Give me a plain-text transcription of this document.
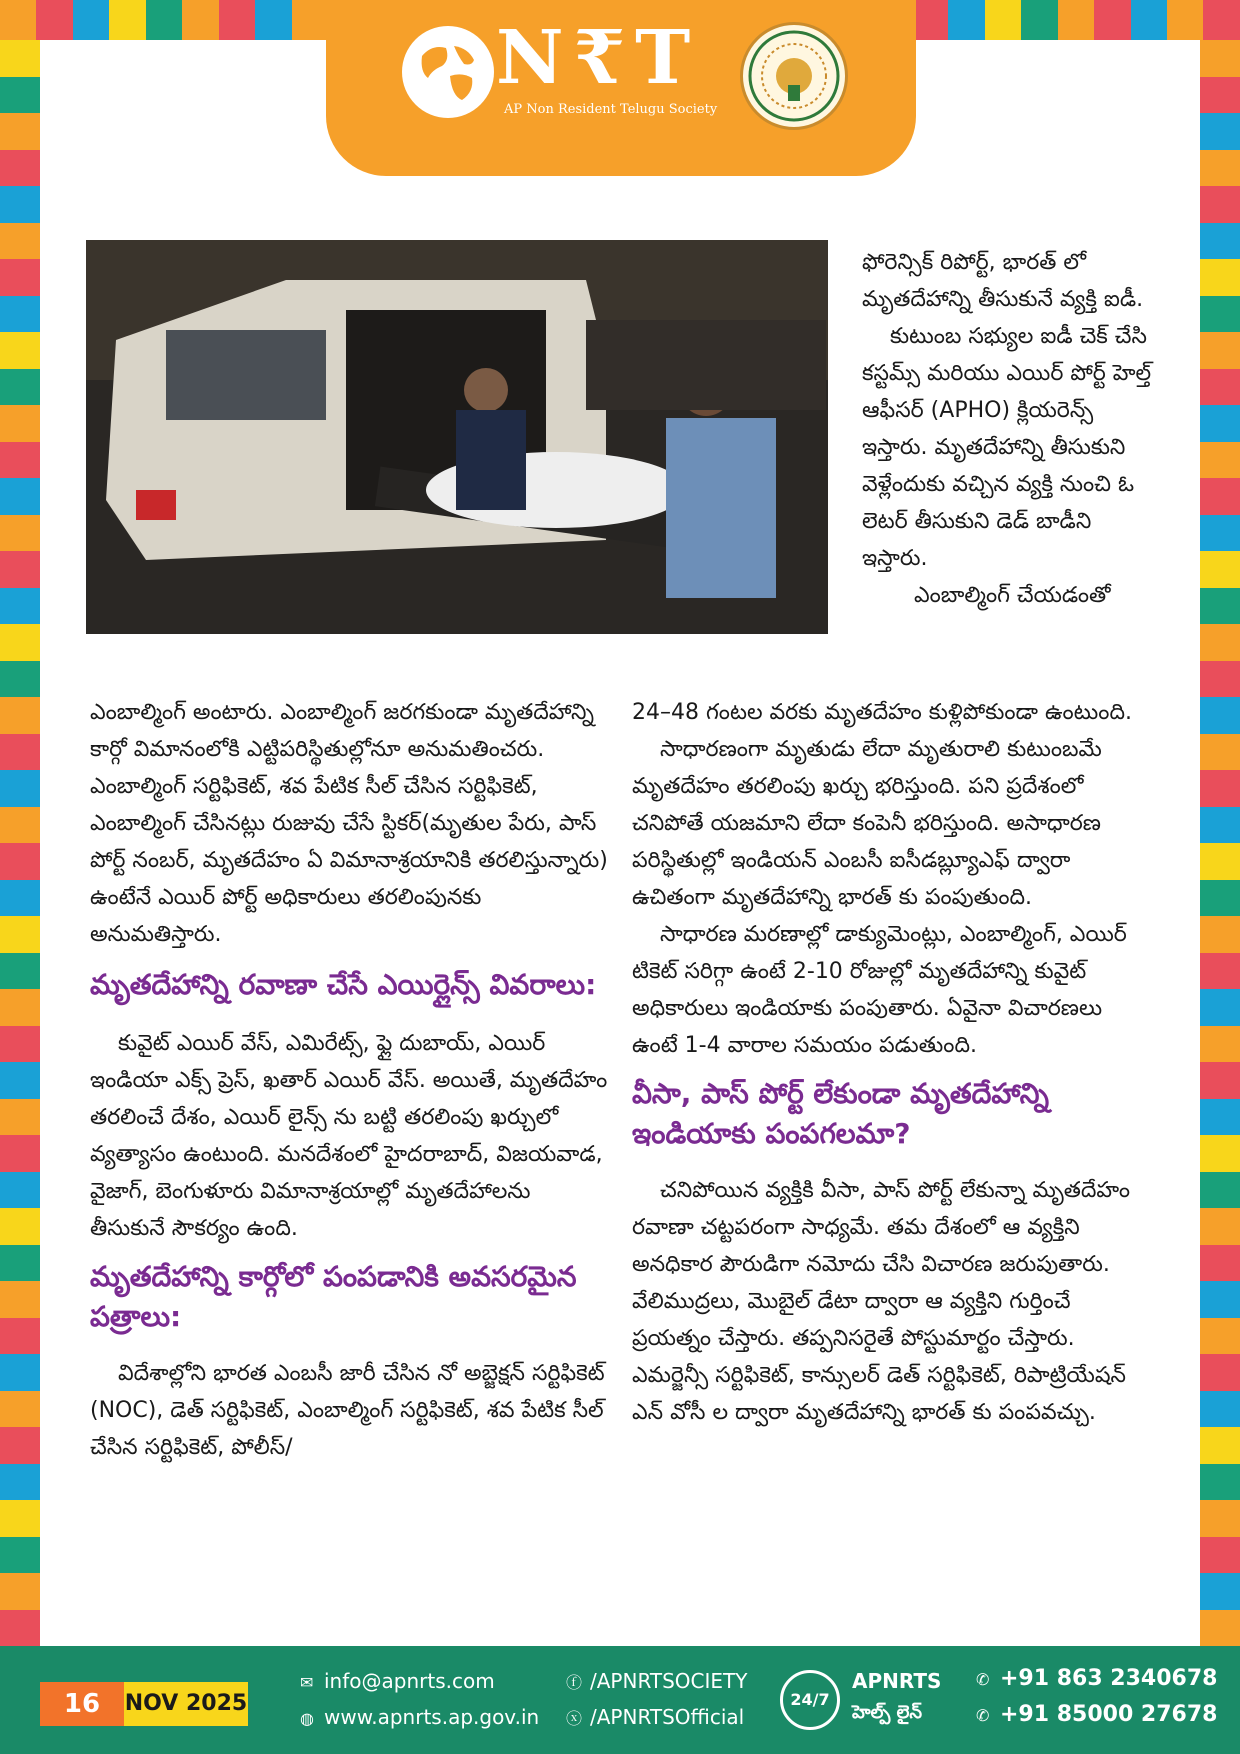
N₹T
AP Non Resident Telugu Society

ఫోరెన్సిక్ రిపోర్ట్, భారత్ లో మృతదేహాన్ని తీసుకునే వ్యక్తి ఐడీ.

కుటుంబ సభ్యుల ఐడీ చెక్ చేసి కస్టమ్స్ మరియు ఎయిర్ పోర్ట్ హెల్త్ ఆఫీసర్ (APHO) క్లియరెన్స్ ఇస్తారు. మృతదేహాన్ని తీసుకుని వెళ్లేందుకు వచ్చిన వ్యక్తి నుంచి ఓ లెటర్ తీసుకుని డెడ్ బాడీని ఇస్తారు.

ఎంబాల్మింగ్ చేయడంతో

ఎంబాల్మింగ్ అంటారు. ఎంబాల్మింగ్ జరగకుండా మృతదేహాన్ని కార్గో విమానంలోకి ఎట్టిపరిస్థితుల్లోనూ అనుమతించరు. ఎంబాల్మింగ్ సర్టిఫికెట్, శవ పేటిక సీల్ చేసిన సర్టిఫికెట్, ఎంబాల్మింగ్ చేసినట్లు రుజువు చేసే స్టికర్(మృతుల పేరు, పాస్ పోర్ట్ నంబర్, మృతదేహం ఏ విమానాశ్రయానికి తరలిస్తున్నారు) ఉంటేనే ఎయిర్ పోర్ట్ అధికారులు తరలింపునకు అనుమతిస్తారు.

మృతదేహాన్ని రవాణా చేసే ఎయిర్లైన్స్ వివరాలు:

కువైట్ ఎయిర్ వేస్, ఎమిరేట్స్, ఫ్లై దుబాయ్, ఎయిర్ ఇండియా ఎక్స్ ప్రెస్, ఖతార్ ఎయిర్ వేస్. అయితే, మృతదేహం తరలించే దేశం, ఎయిర్ లైన్స్ ను బట్టి తరలింపు ఖర్చులో వ్యత్యాసం ఉంటుంది. మనదేశంలో హైదరాబాద్, విజయవాడ, వైజాగ్, బెంగుళూరు విమానాశ్రయాల్లో మృతదేహాలను తీసుకునే సౌకర్యం ఉంది.

మృతదేహాన్ని కార్గోలో పంపడానికి అవసరమైన పత్రాలు:

విదేశాల్లోని భారత ఎంబసీ జారీ చేసిన నో అబ్జెక్షన్ సర్టిఫికెట్ (NOC), డెత్ సర్టిఫికెట్, ఎంబాల్మింగ్ సర్టిఫికెట్, శవ పేటిక సీల్ చేసిన సర్టిఫికెట్, పోలీస్/

24–48 గంటల వరకు మృతదేహం కుళ్లిపోకుండా ఉంటుంది.

సాధారణంగా మృతుడు లేదా మృతురాలి కుటుంబమే మృతదేహం తరలింపు ఖర్చు భరిస్తుంది. పని ప్రదేశంలో చనిపోతే యజమాని లేదా కంపెనీ భరిస్తుంది. అసాధారణ పరిస్థితుల్లో ఇండియన్ ఎంబసీ ఐసీడబ్ల్యూఎఫ్ ద్వారా ఉచితంగా మృతదేహాన్ని భారత్ కు పంపుతుంది.

సాధారణ మరణాల్లో డాక్యుమెంట్లు, ఎంబాల్మింగ్, ఎయిర్ టికెట్ సరిగ్గా ఉంటే 2-10 రోజుల్లో మృతదేహాన్ని కువైట్ అధికారులు ఇండియాకు పంపుతారు. ఏవైనా విచారణలు ఉంటే 1-4 వారాల సమయం పడుతుంది.

వీసా, పాస్ పోర్ట్ లేకుండా మృతదేహాన్ని ఇండియాకు పంపగలమా?

చనిపోయిన వ్యక్తికి వీసా, పాస్ పోర్ట్ లేకున్నా మృతదేహం రవాణా చట్టపరంగా సాధ్యమే. తమ దేశంలో ఆ వ్యక్తిని అనధికార పౌరుడిగా నమోదు చేసి విచారణ జరుపుతారు. వేలిముద్రలు, మొబైల్ డేటా ద్వారా ఆ వ్యక్తిని గుర్తించే ప్రయత్నం చేస్తారు. తప్పనిసరైతే పోస్టుమార్టం చేస్తారు. ఎమర్జెన్సీ సర్టిఫికెట్, కాన్సులర్ డెత్ సర్టిఫికెట్, రిపాట్రియేషన్ ఎన్ వోసీ ల ద్వారా మృతదేహాన్ని భారత్ కు పంపవచ్చు.

16	NOV 2025
✉ info@apnrts.com
◍ www.apnrts.ap.gov.in
ⓕ /APNRTSOCIETY
ⓧ /APNRTSOfficial
24/7
APNRTS
హెల్ప్ లైన్
✆ +91 863 2340678
✆ +91 85000 27678
